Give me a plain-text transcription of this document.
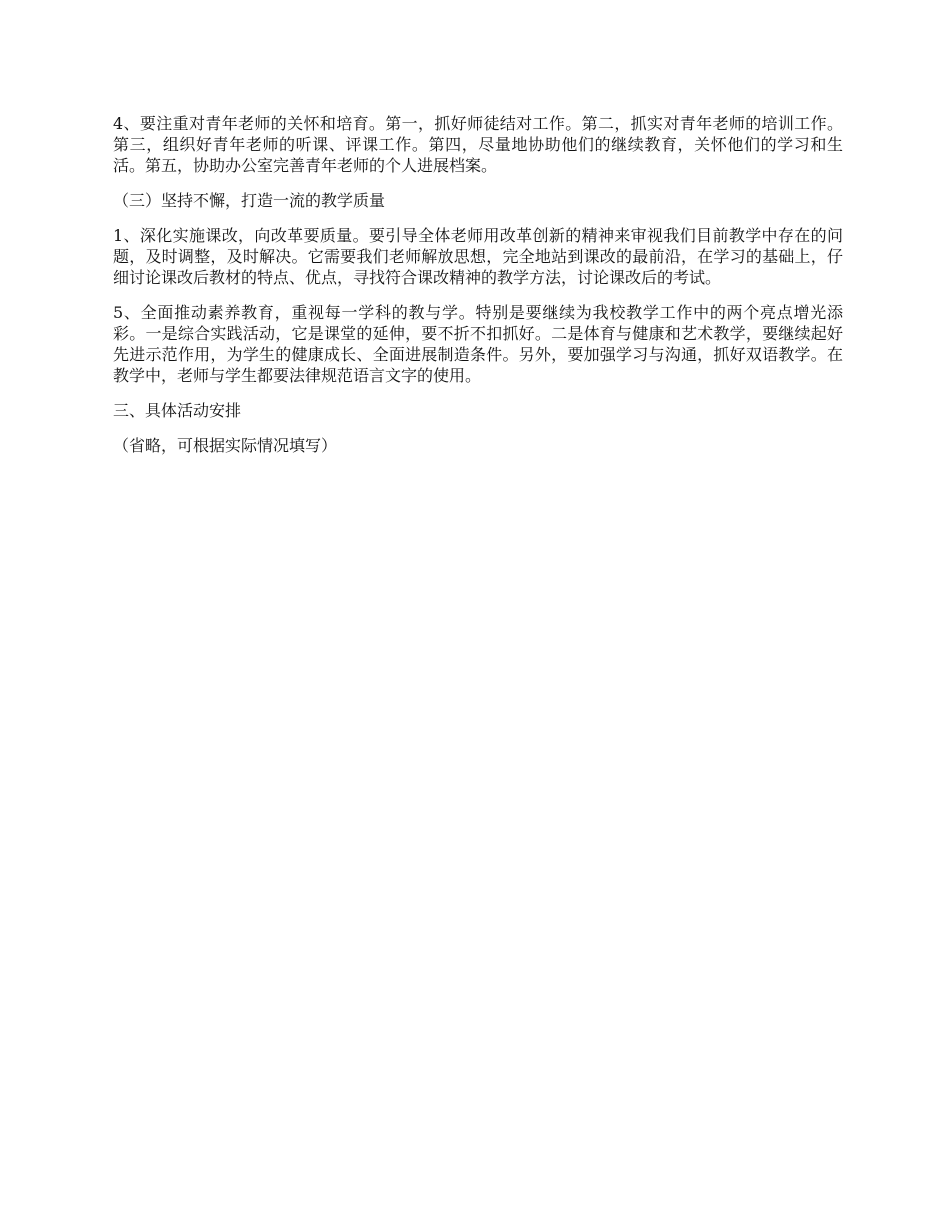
4、要注重对青年老师的关怀和培育。第一，抓好师徒结对工作。第二，抓实对青年老师的培训工作。第三，组织好青年老师的听课、评课工作。第四，尽量地协助他们的继续教育，关怀他们的学习和生活。第五，协助办公室完善青年老师的个人进展档案。

（三）坚持不懈，打造一流的教学质量

1、深化实施课改，向改革要质量。要引导全体老师用改革创新的精神来审视我们目前教学中存在的问题，及时调整，及时解决。它需要我们老师解放思想，完全地站到课改的最前沿，在学习的基础上，仔细讨论课改后教材的特点、优点，寻找符合课改精神的教学方法，讨论课改后的考试。

5、全面推动素养教育，重视每一学科的教与学。特别是要继续为我校教学工作中的两个亮点增光添彩。一是综合实践活动，它是课堂的延伸，要不折不扣抓好。二是体育与健康和艺术教学，要继续起好先进示范作用，为学生的健康成长、全面进展制造条件。另外，要加强学习与沟通，抓好双语教学。在教学中，老师与学生都要法律规范语言文字的使用。

三、具体活动安排

（省略，可根据实际情况填写）
